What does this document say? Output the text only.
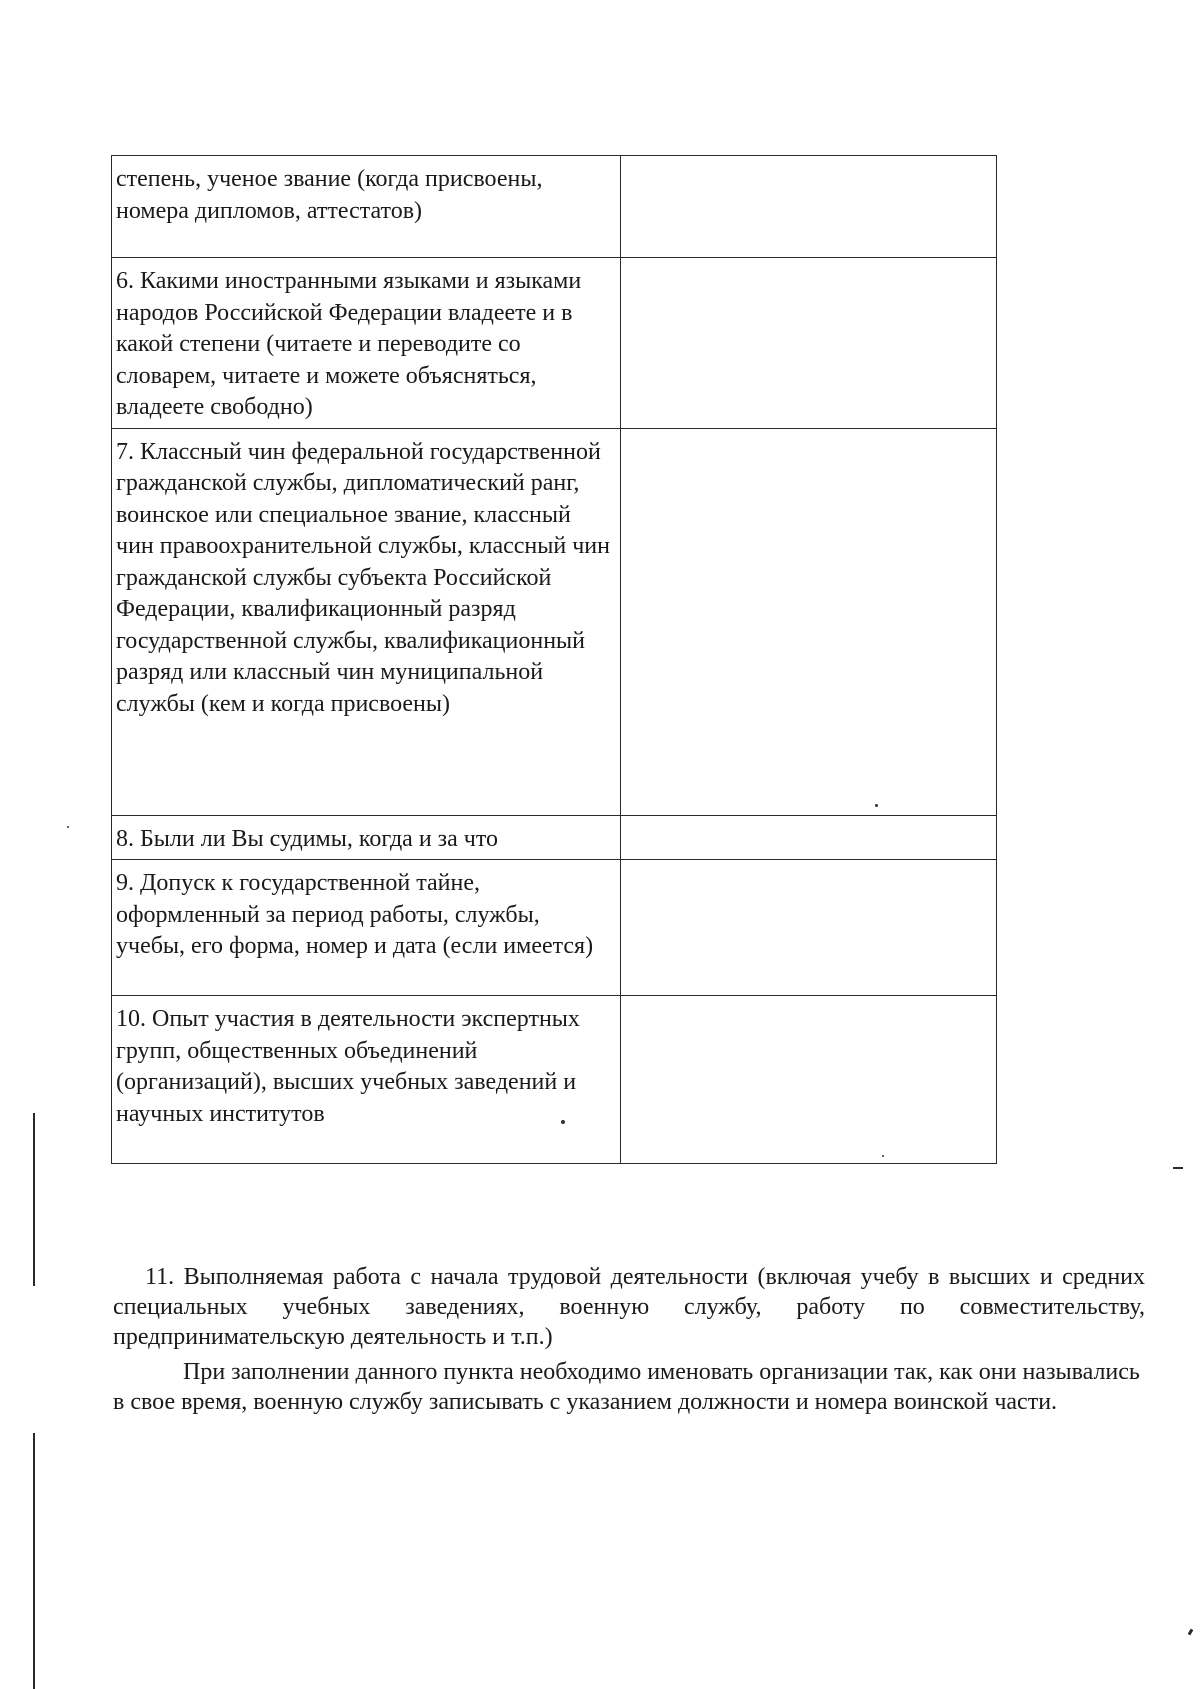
степень, ученое звание (когда присвоены, номера дипломов, аттестатов)	
6. Какими иностранными языками и языками народов Российской Федерации владеете и в какой степени (читаете и переводите со словарем, читаете и можете объясняться, владеете свободно)	
7. Классный чин федеральной государственной гражданской службы, дипломатический ранг, воинское или специальное звание, классный чин правоохранительной службы, классный чин гражданской службы субъекта Российской Федерации, квалификационный разряд государственной службы, квалификационный разряд или классный чин муниципальной службы (кем и когда присвоены)	
8. Были ли Вы судимы, когда и за что	
9. Допуск к государственной тайне, оформленный за период работы, службы, учебы, его форма, номер и дата (если имеется)	
10. Опыт участия в деятельности экспертных групп, общественных объединений (организаций), высших учебных заведений и научных институтов	

11. Выполняемая работа с начала трудовой деятельности (включая учебу в высших и средних специальных учебных заведениях, военную службу, работу по совместительству, предпринимательскую деятельность и т.п.)

При заполнении данного пункта необходимо именовать организации так, как они назывались в свое время, военную службу записывать с указанием должности и номера воинской части.
